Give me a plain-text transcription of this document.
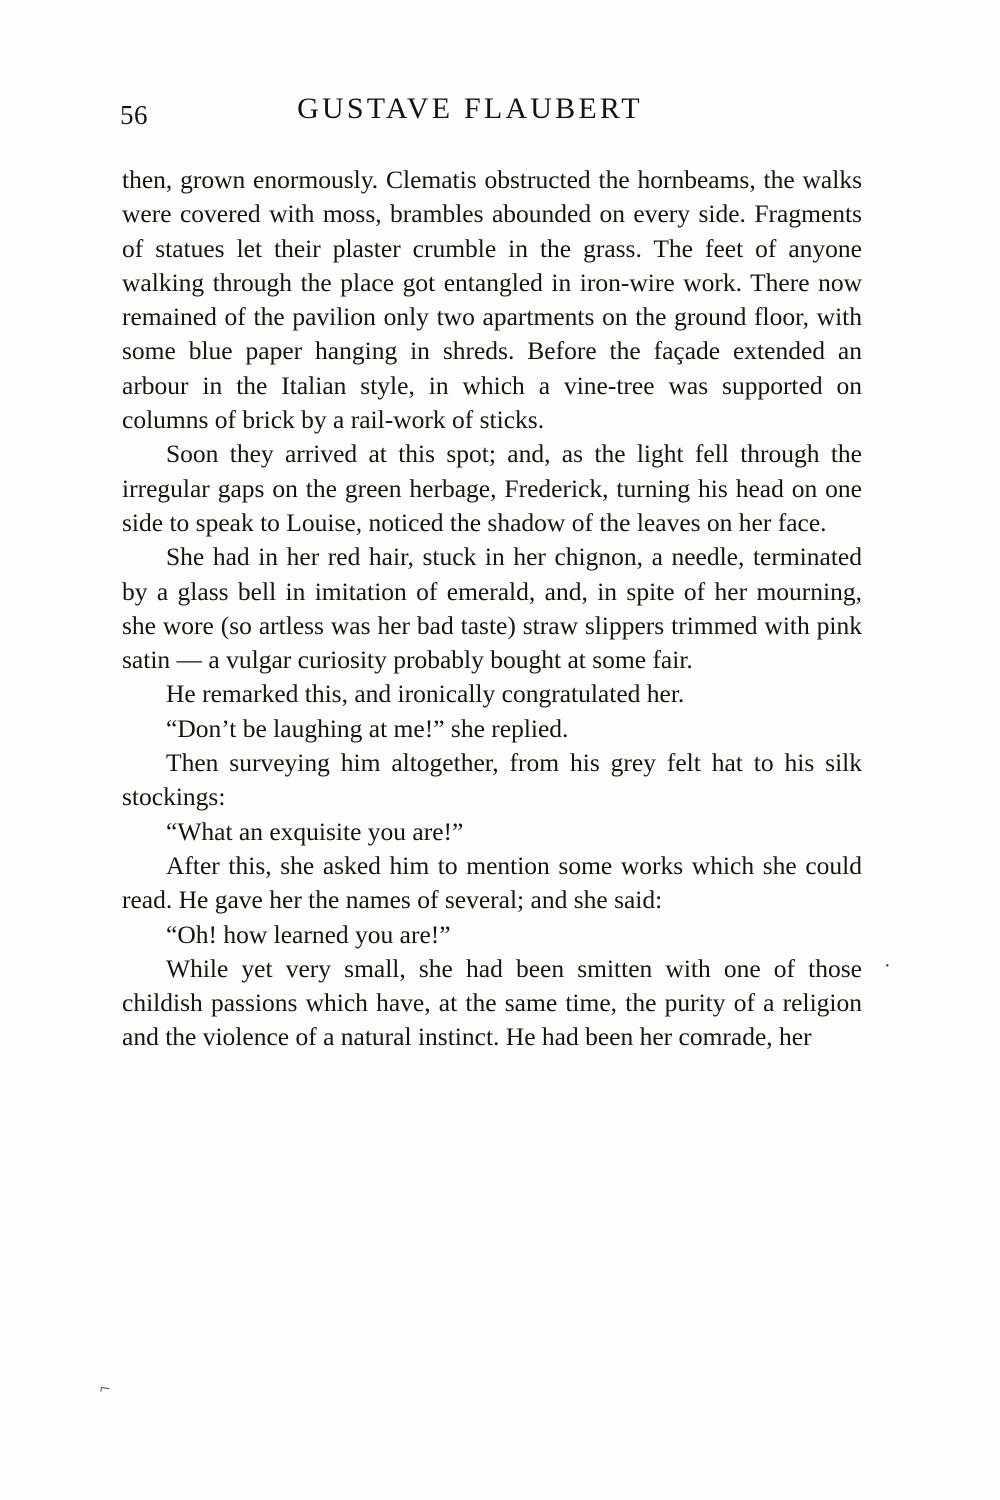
GUSTAVE FLAUBERT
56

then, grown enormously. Clematis obstructed the hornbeams, the walks were covered with moss, brambles abounded on every side. Fragments of statues let their plaster crumble in the grass. The feet of anyone walking through the place got entangled in iron-wire work. There now remained of the pavilion only two apartments on the ground floor, with some blue paper hanging in shreds. Before the façade extended an arbour in the Italian style, in which a vine-tree was supported on columns of brick by a rail-work of sticks.

Soon they arrived at this spot; and, as the light fell through the irregular gaps on the green herbage, Frederick, turning his head on one side to speak to Louise, noticed the shadow of the leaves on her face.

She had in her red hair, stuck in her chignon, a needle, terminated by a glass bell in imitation of emerald, and, in spite of her mourning, she wore (so artless was her bad taste) straw slippers trimmed with pink satin — a vulgar curiosity probably bought at some fair.

He remarked this, and ironically congratulated her.

“Don’t be laughing at me!” she replied.

Then surveying him altogether, from his grey felt hat to his silk stockings:

“What an exquisite you are!”

After this, she asked him to mention some works which she could read. He gave her the names of several; and she said:

“Oh! how learned you are!”

While yet very small, she had been smitten with one of those childish passions which have, at the same time, the purity of a religion and the violence of a natural instinct. He had been her comrade, her

·
⌐
